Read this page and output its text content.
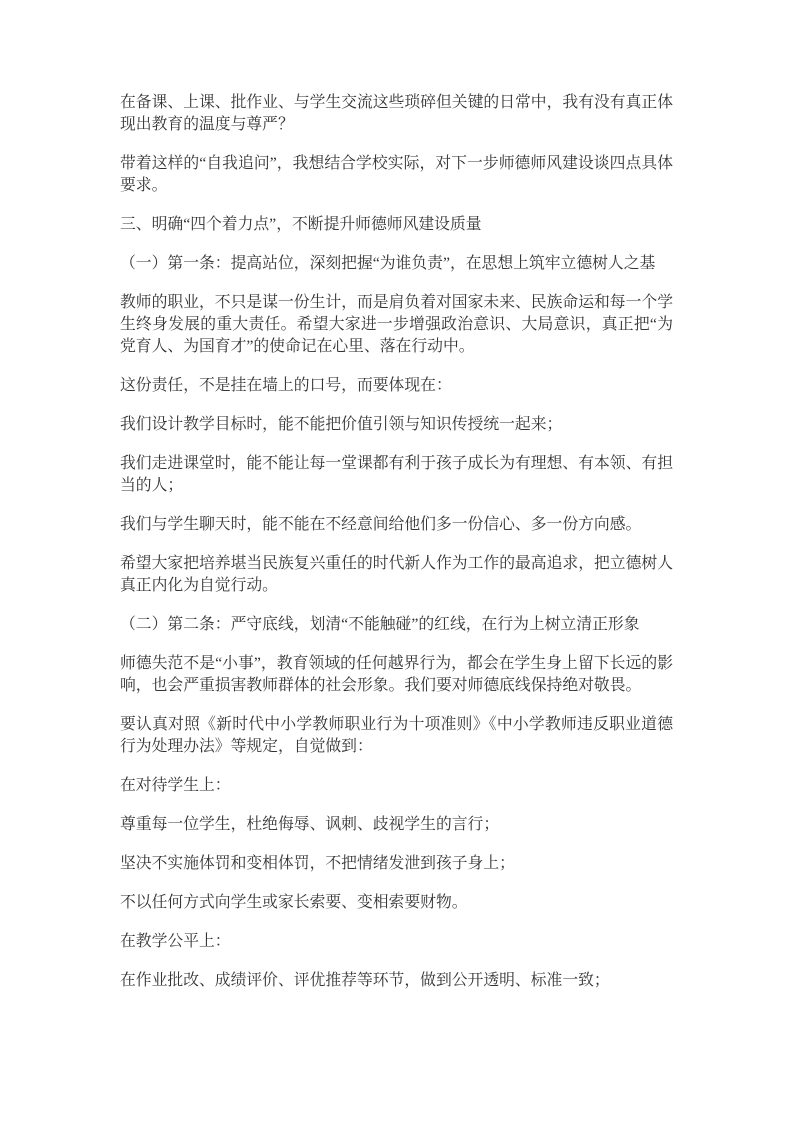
在备课、上课、批作业、与学生交流这些琐碎但关键的日常中，我有没有真正体现出教育的温度与尊严？

带着这样的“自我追问”，我想结合学校实际，对下一步师德师风建设谈四点具体要求。

三、明确“四个着力点”，不断提升师德师风建设质量

（一）第一条：提高站位，深刻把握“为谁负责”，在思想上筑牢立德树人之基

教师的职业，不只是谋一份生计，而是肩负着对国家未来、民族命运和每一个学生终身发展的重大责任。希望大家进一步增强政治意识、大局意识，真正把“为党育人、为国育才”的使命记在心里、落在行动中。

这份责任，不是挂在墙上的口号，而要体现在：

我们设计教学目标时，能不能把价值引领与知识传授统一起来；

我们走进课堂时，能不能让每一堂课都有利于孩子成长为有理想、有本领、有担当的人；

我们与学生聊天时，能不能在不经意间给他们多一份信心、多一份方向感。

希望大家把培养堪当民族复兴重任的时代新人作为工作的最高追求，把立德树人真正内化为自觉行动。

（二）第二条：严守底线，划清“不能触碰”的红线，在行为上树立清正形象

师德失范不是“小事”，教育领域的任何越界行为，都会在学生身上留下长远的影响，也会严重损害教师群体的社会形象。我们要对师德底线保持绝对敬畏。

要认真对照《新时代中小学教师职业行为十项准则》《中小学教师违反职业道德行为处理办法》等规定，自觉做到：

在对待学生上：

尊重每一位学生，杜绝侮辱、讽刺、歧视学生的言行；

坚决不实施体罚和变相体罚，不把情绪发泄到孩子身上；

不以任何方式向学生或家长索要、变相索要财物。

在教学公平上：

在作业批改、成绩评价、评优推荐等环节，做到公开透明、标准一致；
